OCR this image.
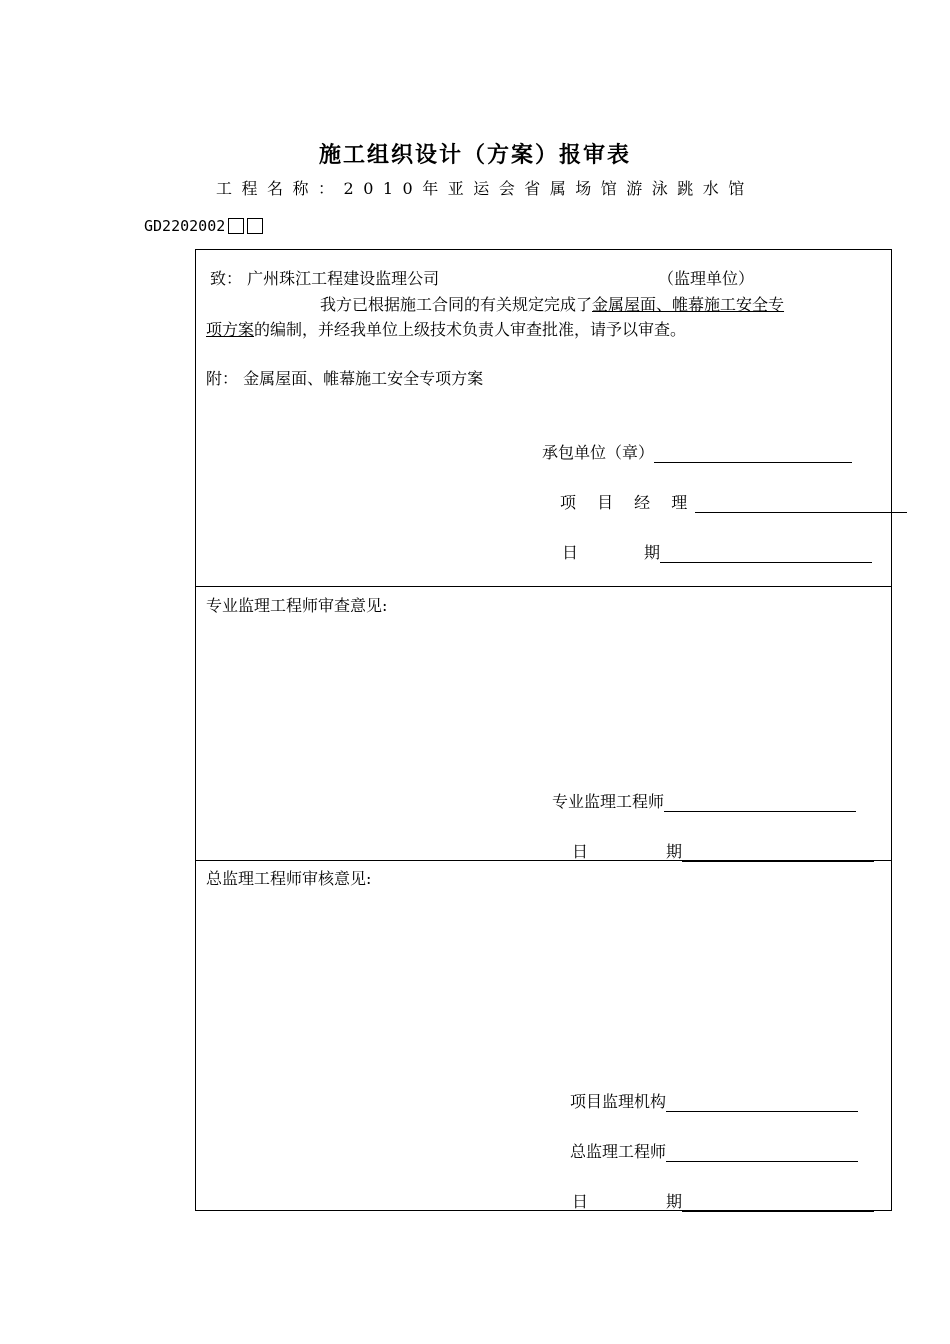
施工组织设计（方案）报审表
工程名称：2010年亚运会省属场馆游泳跳水馆
GD2202002
致： 广州珠江工程建设监理公司	（监理单位）
我方已根据施工合同的有关规定完成了金属屋面、帷幕施工安全专
项方案的编制，并经我单位上级技术负责人审查批准，请予以审查。
附： 金属屋面、帷幕施工安全专项方案
承包单位（章）
项 目 经 理
日	期
专业监理工程师审查意见:
专业监理工程师
日	期
总监理工程师审核意见:
项目监理机构
总监理工程师
日	期
